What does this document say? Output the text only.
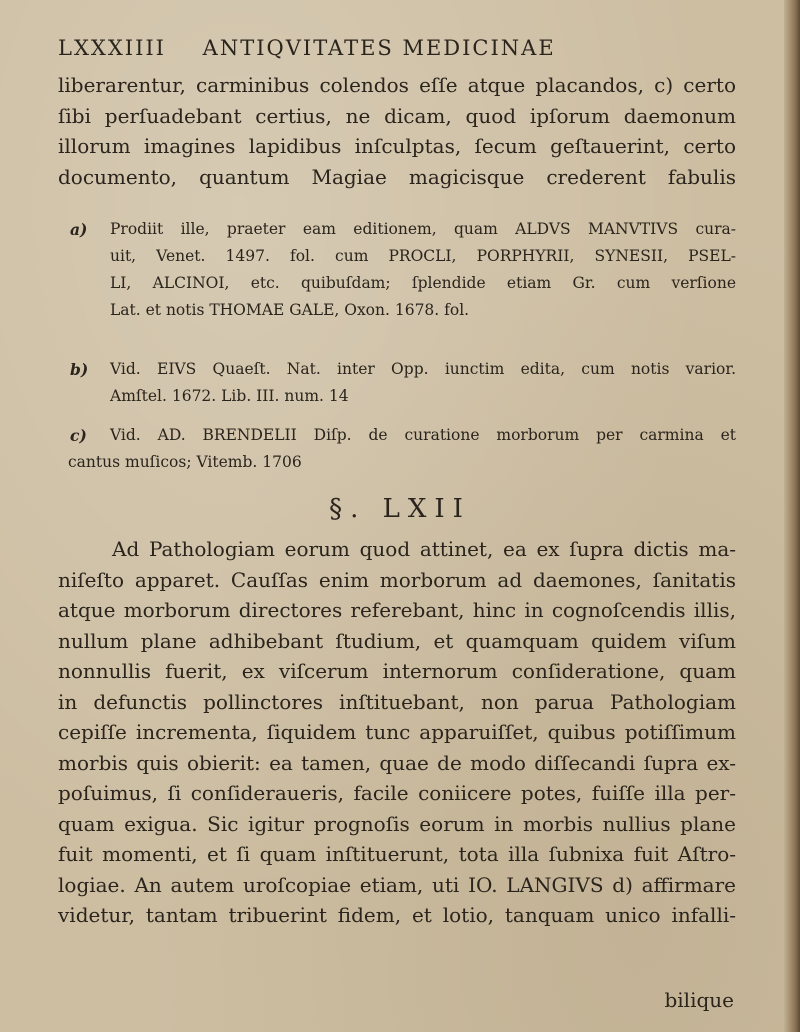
LXXXIIII ANTIQVITATES MEDICINAE
liberarentur, carminibus colendos eſſe atque placandos, c) certo
ſibi perſuadebant certius, ne dicam, quod ipſorum daemonum
illorum imagines lapidibus inſculptas, ſecum geſtauerint, certo
documento, quantum Magiae magicisque crederent fabulis
a) Prodiit ille, praeter eam editionem, quam ALDVS MANVTIVS cura-
uit, Venet. 1497. fol. cum PROCLI, PORPHYRII, SYNESII, PSEL-
LI, ALCINOI, etc. quibuſdam; ſplendide etiam Gr. cum verſione
Lat. et notis THOMAE GALE, Oxon. 1678. fol.
b) Vid. EIVS Quaeſt. Nat. inter Opp. iunctim edita, cum notis varior.
Amſtel. 1672. Lib. III. num. 14
c) Vid. AD. BRENDELII Diſp. de curatione morborum per carmina et
cantus muſicos; Vitemb. 1706
§. LXII
Ad Pathologiam eorum quod attinet, ea ex ſupra dictis ma-
niſeſto apparet. Cauſſas enim morborum ad daemones, ſanitatis
atque morborum directores referebant, hinc in cognoſcendis illis,
nullum plane adhibebant ſtudium, et quamquam quidem viſum
nonnullis fuerit, ex viſcerum internorum conſideratione, quam
in defunctis pollinctores inſtituebant, non parua Pathologiam
cepiſſe incrementa, ſiquidem tunc apparuiſſet, quibus potiſſimum
morbis quis obierit: ea tamen, quae de modo diſſecandi ſupra ex-
poſuimus, ſi conſideraueris, facile coniicere potes, fuiſſe illa per-
quam exigua. Sic igitur prognoſis eorum in morbis nullius plane
fuit momenti, et ſi quam inſtituerunt, tota illa ſubnixa fuit Aſtro-
logiae. An autem uroſcopiae etiam, uti IO. LANGIVS d) affirmare
videtur, tantam tribuerint fidem, et lotio, tanquam unico infalli-
bilique
